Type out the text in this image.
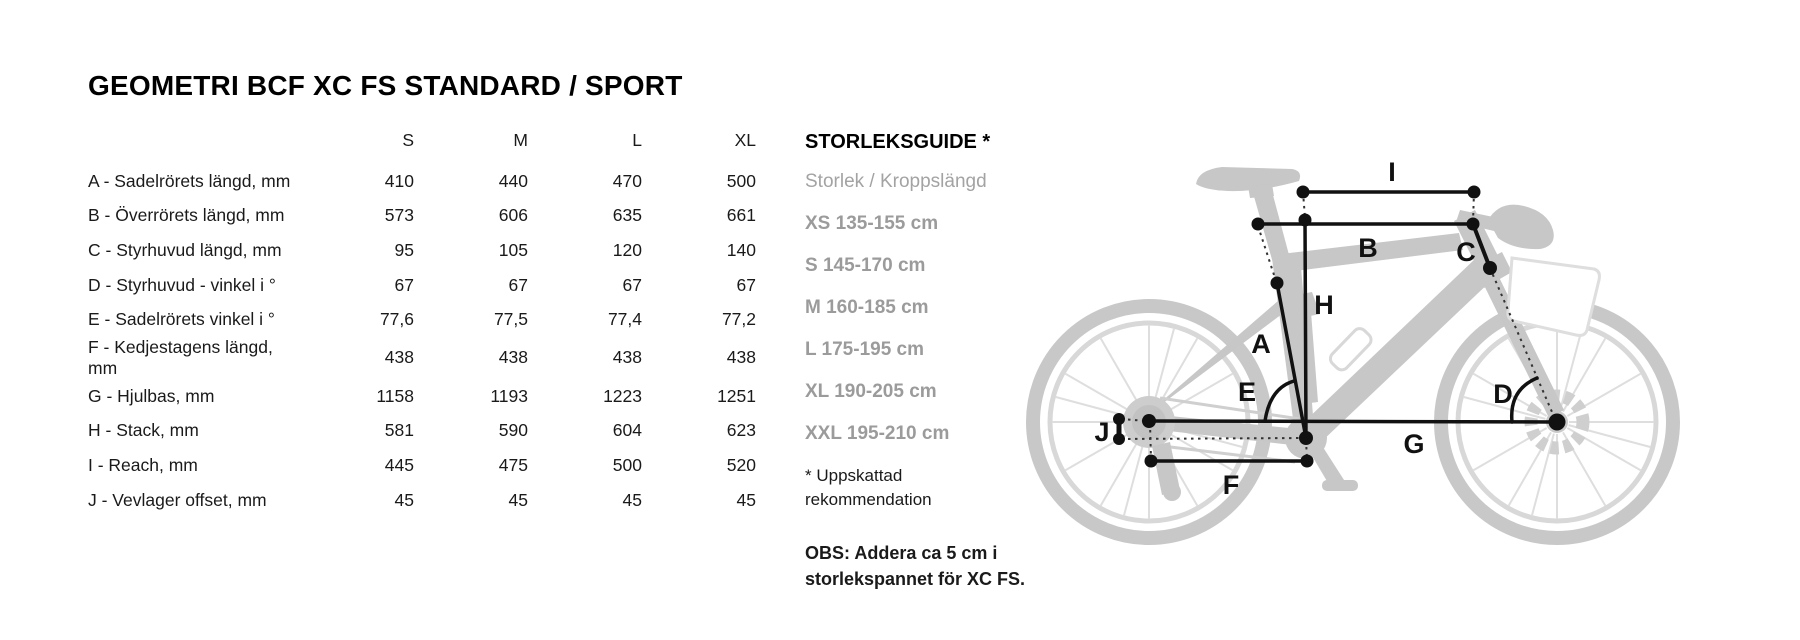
GEOMETRI BCF XC FS STANDARD / SPORT
	S	M	L	XL
A - Sadelrörets längd, mm	410	440	470	500
B - Överrörets längd, mm	573	606	635	661
C - Styrhuvud längd, mm	95	105	120	140
D - Styrhuvud - vinkel i °	67	67	67	67
E - Sadelrörets vinkel i °	77,6	77,5	77,4	77,2
F - Kedjestagens längd, mm	438	438	438	438
G - Hjulbas, mm	1158	1193	1223	1251
H - Stack, mm	581	590	604	623
I - Reach, mm	445	475	500	520
J - Vevlager offset, mm	45	45	45	45

STORLEKSGUIDE *

Storlek / Kroppslängd

XS 135-155 cm

S 145-170 cm

M 160-185 cm

L 175-195 cm

XL 190-205 cm

XXL 195-210 cm

* Uppskattad rekommendation

OBS: Addera ca 5 cm i storlekspannet för XC FS.

I
B	C
H
A
E	D
G
J
F
